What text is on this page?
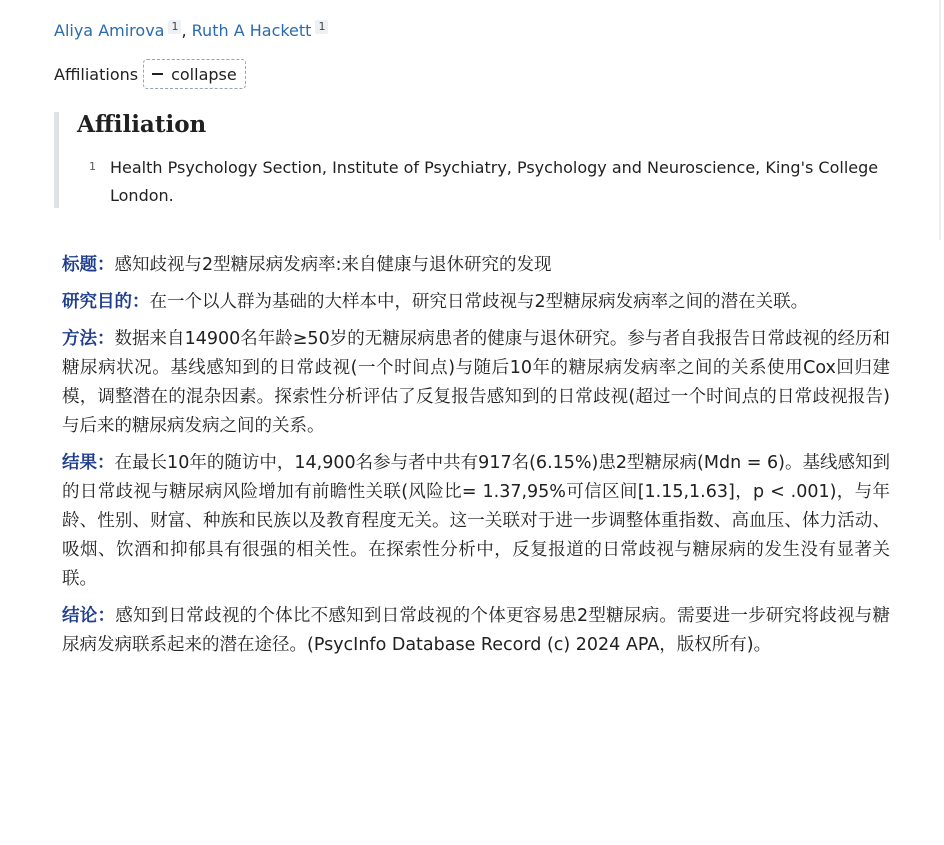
Aliya Amirova 1 , Ruth A Hackett 1
Affiliations collapse
Affiliation
1 Health Psychology Section, Institute of Psychiatry, Psychology and Neuroscience, King's College London.

标题：感知歧视与2型糖尿病发病率:来自健康与退休研究的发现

研究目的：在一个以人群为基础的大样本中，研究日常歧视与2型糖尿病发病率之间的潜在关联。

方法：数据来自14900名年龄≥50岁的无糖尿病患者的健康与退休研究。参与者自我报告日常歧视的经历和糖尿病状况。基线感知到的日常歧视(一个时间点)与随后10年的糖尿病发病率之间的关系使用Cox回归建模，调整潜在的混杂因素。探索性分析评估了反复报告感知到的日常歧视(超过一个时间点的日常歧视报告)与后来的糖尿病发病之间的关系。

结果：在最长10年的随访中，14,900名参与者中共有917名(6.15%)患2型糖尿病(Mdn = 6)。基线感知到的日常歧视与糖尿病风险增加有前瞻性关联(风险比= 1.37,95%可信区间[1.15,1.63]，p < .001)，与年龄、性别、财富、种族和民族以及教育程度无关。这一关联对于进一步调整体重指数、高血压、体力活动、吸烟、饮酒和抑郁具有很强的相关性。在探索性分析中，反复报道的日常歧视与糖尿病的发生没有显著关联。

结论：感知到日常歧视的个体比不感知到日常歧视的个体更容易患2型糖尿病。需要进一步研究将歧视与糖尿病发病联系起来的潜在途径。(PsycInfo Database Record (c) 2024 APA，版权所有)。
